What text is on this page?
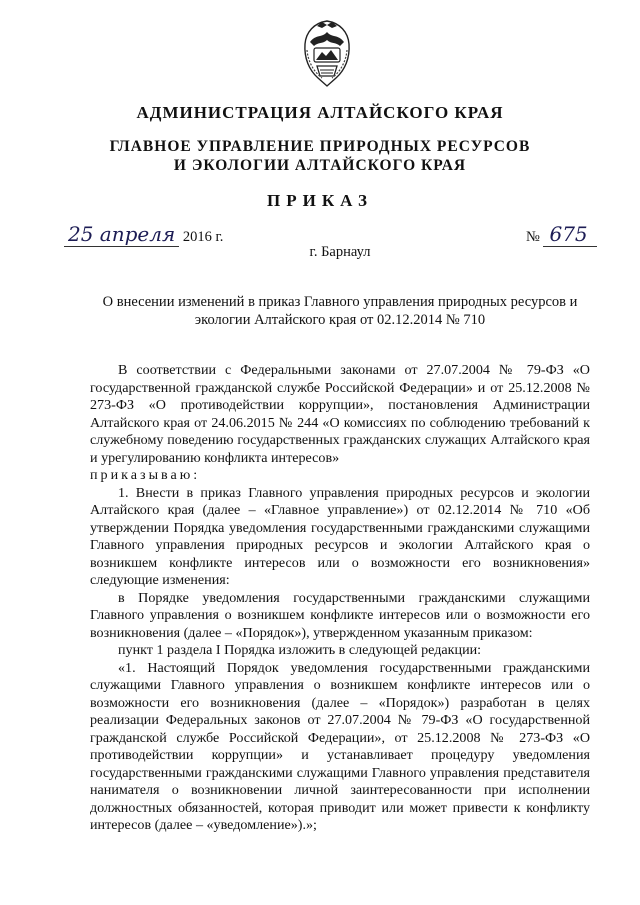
АДМИНИСТРАЦИЯ АЛТАЙСКОГО КРАЯ
ГЛАВНОЕ УПРАВЛЕНИЕ ПРИРОДНЫХ РЕСУРСОВ
И ЭКОЛОГИИ АЛТАЙСКОГО КРАЯ
ПРИКАЗ
25 апреля 2016 г.	№ 675
г. Барнаул
О внесении изменений в приказ Главного управления природных ресурсов и экологии Алтайского края от 02.12.2014 № 710

В соответствии с Федеральными законами от 27.07.2004 № 79-ФЗ «О государственной гражданской службе Российской Федерации» и от 25.12.2008 № 273-ФЗ «О противодействии коррупции», постановления Администрации Алтайского края от 24.06.2015 № 244 «О комиссиях по соблюдению требований к служебному поведению государственных гражданских служащих Алтайского края и урегулированию конфликта интересов»

приказываю:

1. Внести в приказ Главного управления природных ресурсов и экологии Алтайского края (далее – «Главное управление») от 02.12.2014 № 710 «Об утверждении Порядка уведомления государственными гражданскими служащими Главного управления природных ресурсов и экологии Алтайского края о возникшем конфликте интересов или о возможности его возникновения» следующие изменения:

в Порядке уведомления государственными гражданскими служащими Главного управления о возникшем конфликте интересов или о возможности его возникновения (далее – «Порядок»), утвержденном указанным приказом:

пункт 1 раздела I Порядка изложить в следующей редакции:

«1. Настоящий Порядок уведомления государственными гражданскими служащими Главного управления о возникшем конфликте интересов или о возможности его возникновения (далее – «Порядок») разработан в целях реализации Федеральных законов от 27.07.2004 № 79-ФЗ «О государственной гражданской службе Российской Федерации», от 25.12.2008 № 273-ФЗ «О противодействии коррупции» и устанавливает процедуру уведомления государственными гражданскими служащими Главного управления представителя нанимателя о возникновении личной заинтересованности при исполнении должностных обязанностей, которая приводит или может привести к конфликту интересов (далее – «уведомление»).»;
